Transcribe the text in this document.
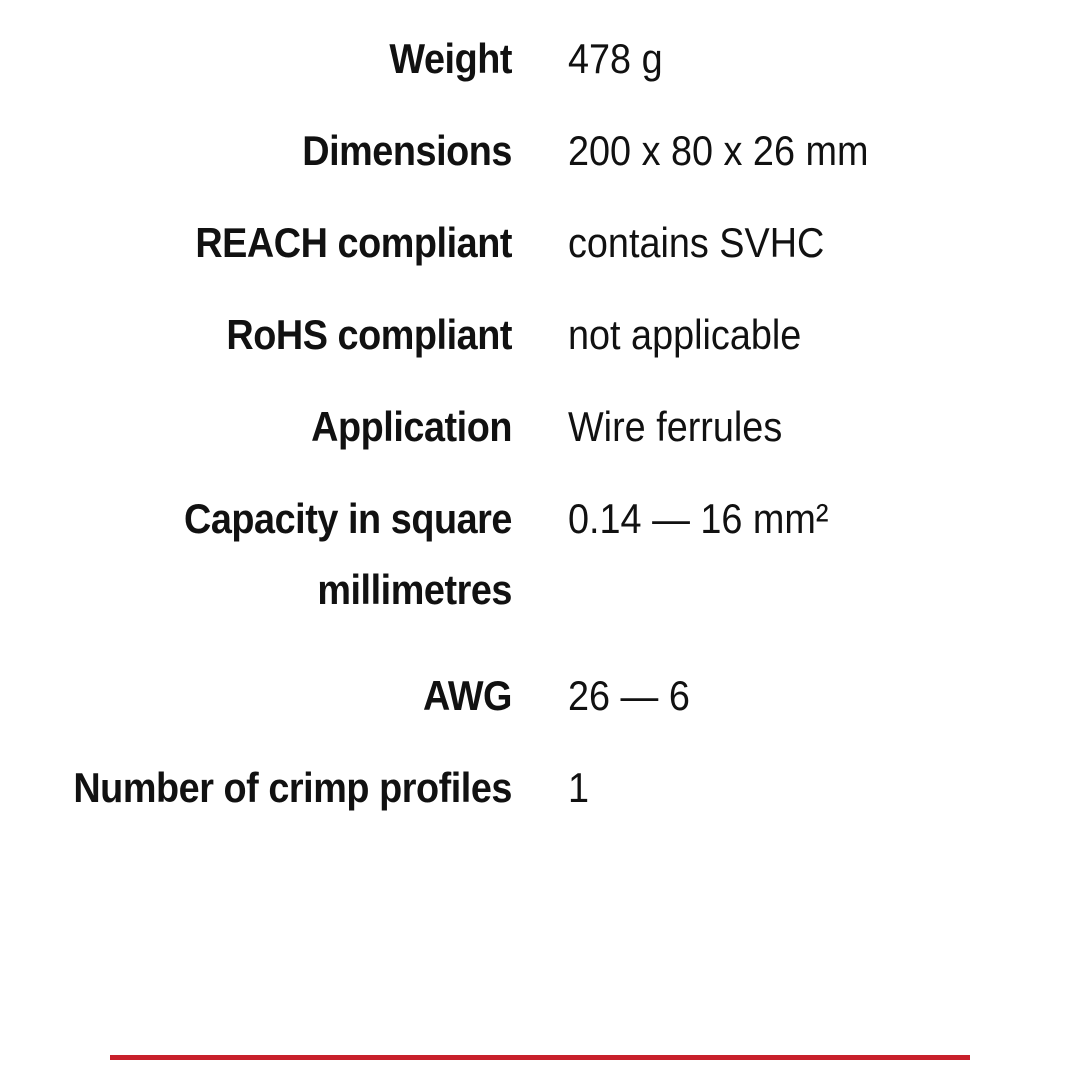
Weight 478 g
Dimensions 200 x 80 x 26 mm
REACH compliant contains SVHC
RoHS compliant not applicable
Application Wire ferrules
Capacity in square millimetres
0.14 — 16 mm²
AWG 26 — 6
Number of crimp profiles 1
